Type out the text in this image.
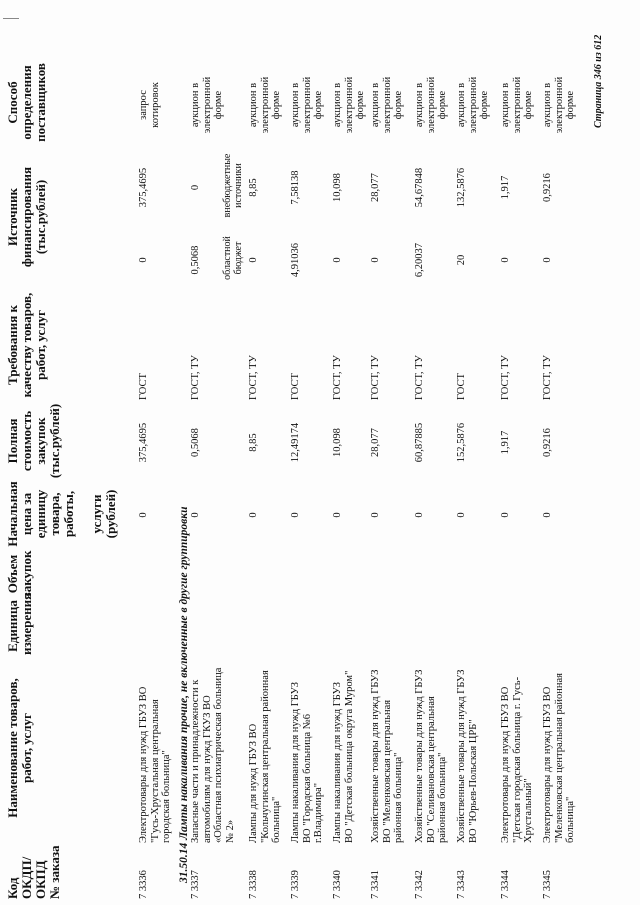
Код
ОКДП/
ОКПД
№ заказа
Наименование товаров,
работ, услуг
Единица
измерения
Объем
закупок
Начальная
цена за
единицу
товара,
работы,

услуги
(рублей)
Полная
стоимость
закупок
(тыс.рублей)
Требования к
качеству товаров,
работ, услуг
Источник
финансирования
(тыс.рублей)
областной
бюджет
внебюджетные
источники
Способ
определения
поставщиков
31.50.14 Лампы накаливания прочие, не включенные в другие группировки
7 3336
Электротовары для нужд ГБУЗ ВО
"Гусь-Хрустальная центральная
городская больница"
0
375,4695
ГОСТ
0
375,4695
запрос
котировок
7 3337
Запасные части и принадлежности к
автомобилям для нужд ГКУЗ ВО
«Областная психиатрическая больница
№ 2»
0
0,5068
ГОСТ, ТУ
0,5068
0
аукцион в
электронной
форме
7 3338
Лампы для нужд ГБУЗ ВО
"Кольчугинская центральная районная
больница"
0
8,85
ГОСТ, ТУ
0
8,85
аукцион в
электронной
форме
7 3339
Лампы накаливания для нужд ГБУЗ
ВО "Городская больница №6
г.Владимира"
0
12,49174
ГОСТ
4,91036
7,58138
аукцион в
электронной
форме
7 3340
Лампы накаливания для нужд ГБУЗ
ВО "Детская больница округа Муром"
0
10,098
ГОСТ, ТУ
0
10,098
аукцион в
электронной
форме
7 3341
Хозяйственные товары для нужд ГБУЗ
ВО "Меленковская центральная
районная больница"
0
28,077
ГОСТ, ТУ
0
28,077
аукцион в
электронной
форме
7 3342
Хозяйственные товары для нужд ГБУЗ
ВО "Селивановская центральная
районная больница"
0
60,87885
ГОСТ, ТУ
6,20037
54,67848
аукцион в
электронной
форме
7 3343
Хозяйственные товары для нужд ГБУЗ
ВО "Юрьев-Польская ЦРБ"
0
152,5876
ГОСТ
20
132,5876
аукцион в
электронной
форме
7 3344
Электротовары для нужд ГБУЗ ВО
"Детская городская больница г. Гусь-
Хрустальный"
0
1,917
ГОСТ, ТУ
0
1,917
аукцион в
электронной
форме
7 3345
Электротовары для нужд ГБУЗ ВО
"Меленковская центральная районная
больница"
0
0,9216
ГОСТ, ТУ
0
0,9216
аукцион в
электронной
форме Страница 346 из 612
